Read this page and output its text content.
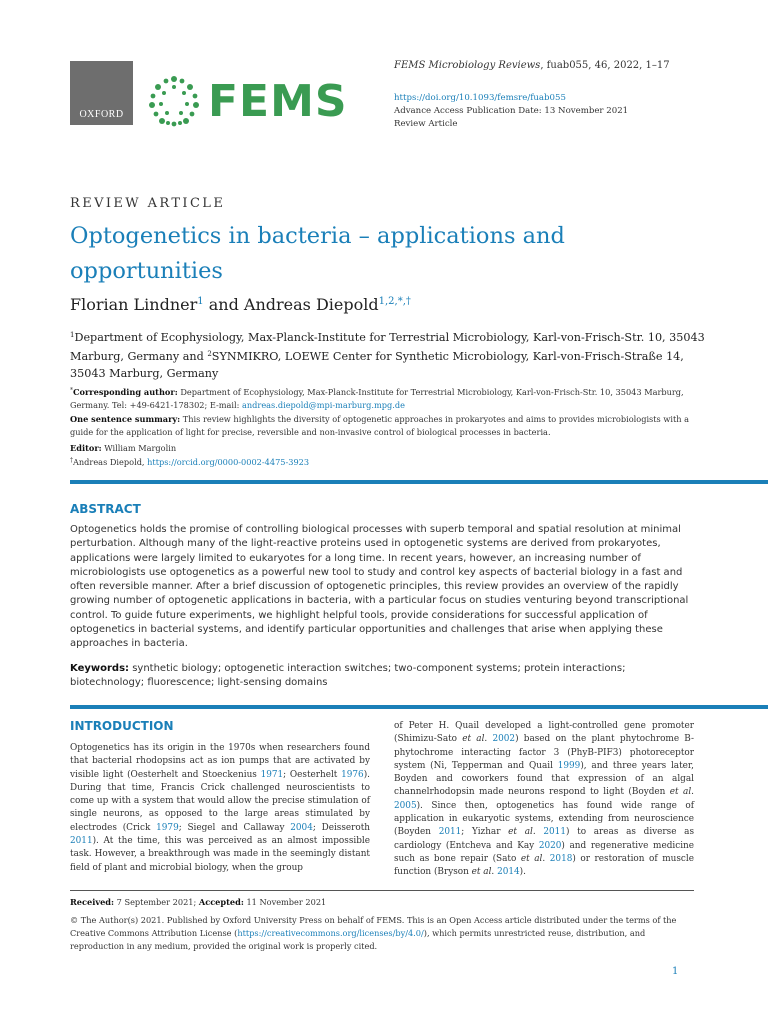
OXFORD FEMS
FEMS Microbiology Reviews, fuab055, 46, 2022, 1–17
https://doi.org/10.1093/femsre/fuab055
Advance Access Publication Date: 13 November 2021
Review Article
REVIEW ARTICLE
Optogenetics in bacteria – applications and opportunities
Florian Lindner$^1$ and Andreas Diepold$^{1,2,*,\dagger}$
$^1$Department of Ecophysiology, Max-Planck-Institute for Terrestrial Microbiology, Karl-von-Frisch-Str. 10, 35043 Marburg, Germany and $^2$SYNMIKRO, LOEWE Center for Synthetic Microbiology, Karl-von-Frisch-Straße 14, 35043 Marburg, Germany
*Corresponding author: Department of Ecophysiology, Max-Planck-Institute for Terrestrial Microbiology, Karl-von-Frisch-Str. 10, 35043 Marburg, Germany. Tel: +49-6421-178302; E-mail: andreas.diepold@mpi-marburg.mpg.de
One sentence summary: This review highlights the diversity of optogenetic approaches in prokaryotes and aims to provides microbiologists with a guide for the application of light for precise, reversible and non-invasive control of biological processes in bacteria.
Editor: William Margolin
†Andreas Diepold, https://orcid.org/0000-0002-4475-3923
ABSTRACT
Optogenetics holds the promise of controlling biological processes with superb temporal and spatial resolution at minimal perturbation. Although many of the light-reactive proteins used in optogenetic systems are derived from prokaryotes, applications were largely limited to eukaryotes for a long time. In recent years, however, an increasing number of microbiologists use optogenetics as a powerful new tool to study and control key aspects of bacterial biology in a fast and often reversible manner. After a brief discussion of optogenetic principles, this review provides an overview of the rapidly growing number of optogenetic applications in bacteria, with a particular focus on studies venturing beyond transcriptional control. To guide future experiments, we highlight helpful tools, provide considerations for successful application of optogenetics in bacterial systems, and identify particular opportunities and challenges that arise when applying these approaches in bacteria.
Keywords: synthetic biology; optogenetic interaction switches; two-component systems; protein interactions; biotechnology; fluorescence; light-sensing domains
INTRODUCTION
Optogenetics has its origin in the 1970s when researchers found that bacterial rhodopsins act as ion pumps that are activated by visible light (Oesterhelt and Stoeckenius 1971; Oesterhelt 1976). During that time, Francis Crick challenged neuroscientists to come up with a system that would allow the precise stimulation of single neurons, as opposed to the large areas stimulated by electrodes (Crick 1979; Siegel and Callaway 2004; Deisseroth 2011). At the time, this was perceived as an almost impossible task. However, a breakthrough was made in the seemingly distant field of plant and microbial biology, when the group
of Peter H. Quail developed a light-controlled gene promoter (Shimizu-Sato et al. 2002) based on the plant phytochrome B-phytochrome interacting factor 3 (PhyB-PIF3) photoreceptor system (Ni, Tepperman and Quail 1999), and three years later, Boyden and coworkers found that expression of an algal channelrhodopsin made neurons respond to light (Boyden et al. 2005). Since then, optogenetics has found wide range of application in eukaryotic systems, extending from neuroscience (Boyden 2011; Yizhar et al. 2011) to areas as diverse as cardiology (Entcheva and Kay 2020) and regenerative medicine such as bone repair (Sato et al. 2018) or restoration of muscle function (Bryson et al. 2014).
Received: 7 September 2021; Accepted: 11 November 2021
© The Author(s) 2021. Published by Oxford University Press on behalf of FEMS. This is an Open Access article distributed under the terms of the Creative Commons Attribution License (https://creativecommons.org/licenses/by/4.0/), which permits unrestricted reuse, distribution, and reproduction in any medium, provided the original work is properly cited.
1
